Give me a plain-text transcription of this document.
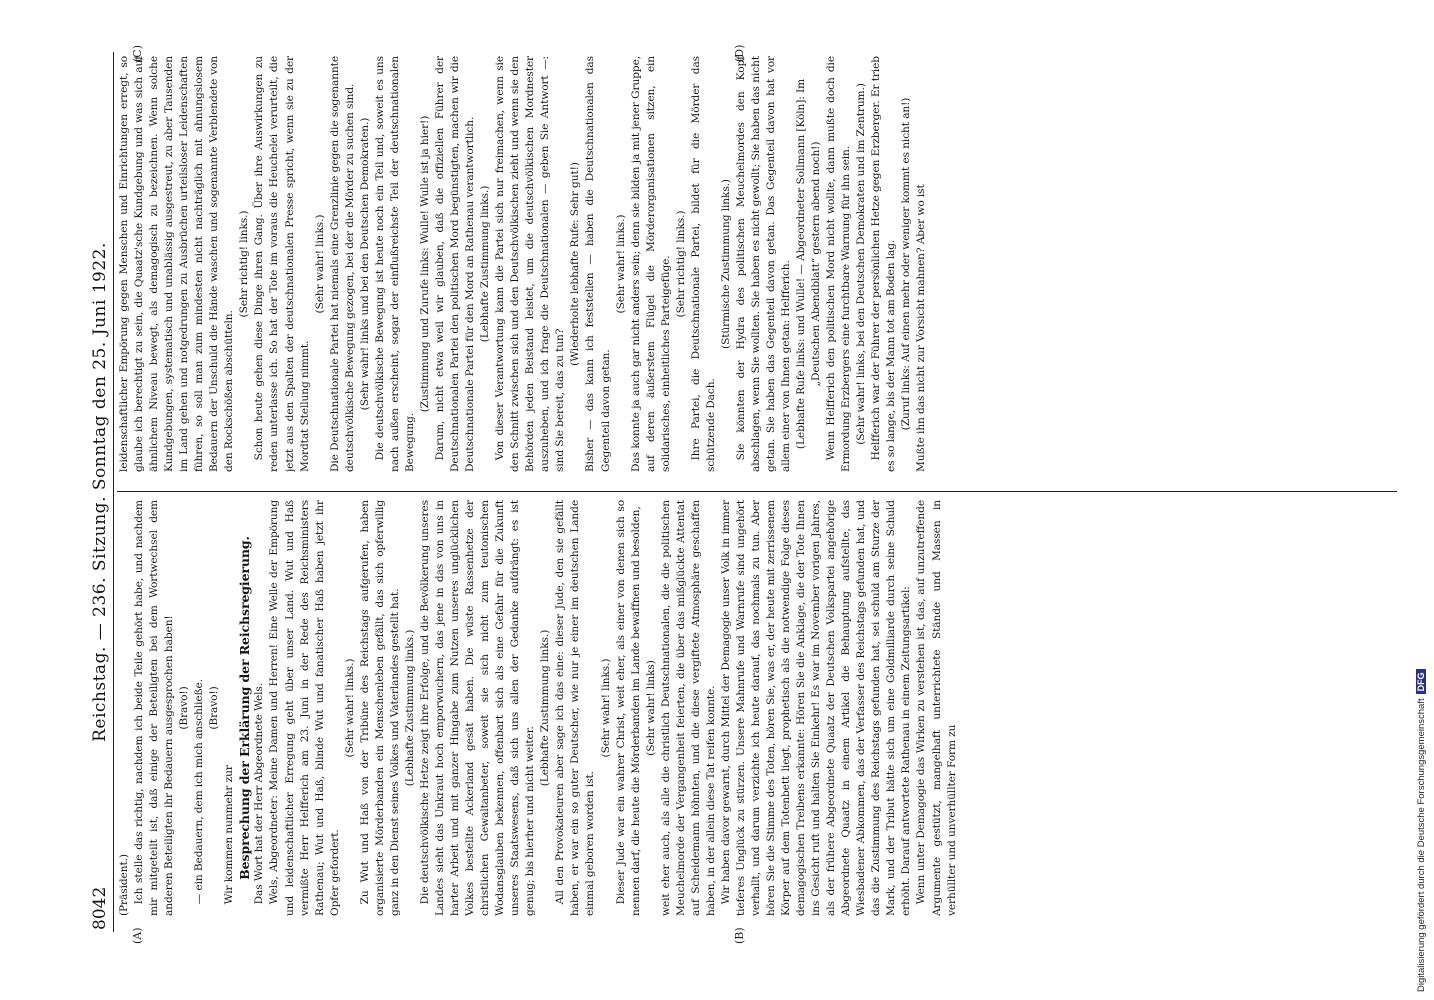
8042
Reichstag. — 236. Sitzung. Sonntag den 25. Juni 1922.
(A)	(B)
(C)	(D)

(Präsident.) Ich stelle das richtig, nachdem ich beide Teile gehört habe, und nachdem mir mitgeteilt ist, daß einige der Beteiligten bei dem Wortwechsel dem anderen Beteiligten ihr Bedauern ausgesprochen haben! (Bravo!) — ein Bedauern, dem ich mich anschließe. (Bravo!)

Wir kommen nunmehr zur Besprechung der Erklärung der Reichsregierung. Das Wort hat der Herr Abgeordnete Wels. Wels, Abgeordneter: Meine Damen und Herren! Eine Welle der Empörung und leidenschaftlicher Erregung geht über unser Land. Wut und Haß vermißte Herr Helfferich am 23. Juni in der Rede des Reichsministers Rathenau; Wut und Haß, blinde Wut und fanatischer Haß haben jetzt ihr Opfer gefordert.

(Sehr wahr! links.) Zu Wut und Haß von der Tribüne des Reichstags aufgerufen, haben organisierte Mörderbanden ein Menschenleben gefällt, das sich opferwillig ganz in den Dienst seines Volkes und Vaterlandes gestellt hat. (Lebhafte Zustimmung links.) Die deutschvölkische Hetze zeigt ihre Erfolge, und die Bevölkerung unseres Landes sieht das Unkraut hoch emporwuchern, das jene in das von uns in harter Arbeit und mit ganzer Hingabe zum Nutzen unseres unglücklichen Volkes bestellte Ackerland gesät haben. Die wüste Rassenhetze der christlichen Gewaltanbeter, soweit sie sich nicht zum teutonischen Wodansglauben bekennen, offenbart sich als eine Gefahr für die Zukunft unseres Staatswesens, daß sich uns allen der Gedanke aufdrängt: es ist genug; bis hierher und nicht weiter.

(Lebhafte Zustimmung links.) All den Provokateuren aber sage ich das eine: dieser Jude, den sie gefällt haben, er war ein so guter Deutscher, wie nur je einer im deutschen Lande einmal geboren worden ist.

(Sehr wahr! links.) Dieser Jude war ein wahrer Christ, weit eher, als einer von denen sich so nennen darf, die heute die Mörderbanden im Lande bewaffnen und besolden, (Sehr wahr! links) weit eher auch, als alle die christlich Deutschnationalen, die die politischen Meuchelmorde der Vergangenheit feierten, die über das mißglückte Attentat auf Scheidemann höhnten, und die diese vergiftete Atmosphäre geschaffen haben, in der allein diese Tat reifen konnte. Wir haben davor gewarnt, durch Mittel der Demagogie unser Volk in immer tieferes Unglück zu stürzen. Unsere Mahnrufe und Warnrufe sind ungehört verhallt, und darum verzichte ich heute darauf, das nochmals zu tun. Aber hören Sie die Stimme des Toten, hören Sie, was er, der heute mit zerrissenem Körper auf dem Totenbett liegt, prophetisch als die notwendige Folge dieses demagogischen Treibens erkannte: Hören Sie die Anklage, die der Tote Ihnen ins Gesicht ruft und halten Sie Einkehr! Es war im November vorigen Jahres, als der frühere Abgeordnete Quaatz der Deutschen Volkspartei angehörige Abgeordnete Quaatz in einem Artikel die Behauptung aufstellte, das Wiesbadener Abkommen, das der Verfasser des Reichstags gefunden hat, und das die Zustimmung des Reichstags gefunden hat, sei schuld am Sturze der Mark, und der Tribut hätte sich um eine Goldmilliarde durch seine Schuld erhöht. Darauf antwortete Rathenau in einem Zeitungsartikel: Wenn unter Demagogie das Wirken zu verstehen ist, das, auf unzutreffende Argumente gestützt, mangelhaft unterrichtete Stände und Massen in verhüllter und unverhüllter Form zu

leidenschaftlicher Empörung gegen Menschen und Einrichtungen erregt, so glaube ich berechtigt zu sein, die Quaatz'sche Kundgebung und was sich auf ähnlichem Niveau bewegt, als demagogisch zu bezeichnen. Wenn solche Kundgebungen, systematisch und unablässig ausgestreut, zu aber Tausenden im Land gehen und notgedrungen zu Ausbrüchen urteilsloser Leidenschaften führen, so soll man zum mindesten nicht nachträglich mit ahnungslosem Bedauern der Unschuld die Hände waschen und sogenannte Verblendete von den Rockschößen abschütteln.

(Sehr richtig! links.) Schon heute gehen diese Dinge ihren Gang. Über ihre Auswirkungen zu reden unterlasse ich. So hat der Tote im voraus die Heuchelei verurteilt, die jetzt aus den Spalten der deutschnationalen Presse spricht, wenn sie zu der Mordtat Stellung nimmt.

(Sehr wahr! links.) Die Deutschnationale Partei hat niemals eine Grenzlinie gegen die sogenannte deutschvölkische Bewegung gezogen, bei der die Mörder zu suchen sind. (Sehr wahr! links und bei den Deutschen Demokraten.) Die deutschvölkische Bewegung ist heute noch ein Teil und, soweit es uns nach außen erscheint, sogar der einflußreichste Teil der deutschnationalen Bewegung.

(Zustimmung und Zurufe links: Wulle! Wulle ist ja hier!) Darum, nicht etwa weil wir glauben, daß die offiziellen Führer der Deutschnationalen Partei den politischen Mord begünstigten, machen wir die Deutschnationale Partei für den Mord an Rathenau verantwortlich. (Lebhafte Zustimmung links.) Von dieser Verantwortung kann die Partei sich nur freimachen, wenn sie den Schnitt zwischen sich und den Deutschvölkischen zieht und wenn sie den Behörden jeden Beistand leistet, um die deutschvölkischen Mordnester auszuheben, und ich frage die Deutschnationalen — geben Sie Antwort —: sind Sie bereit, das zu tun?

(Wiederholte lebhafte Rufe: Sehr gut!) Bisher — das kann ich feststellen — haben die Deutschnationalen das Gegenteil davon getan.

(Sehr wahr! links.) Das konnte ja auch gar nicht anders sein; denn sie bilden ja mit jener Gruppe, auf deren äußerstem Flügel die Mörderorganisationen sitzen, ein solidarisches, einheitliches Parteigefüge. (Sehr richtig! links.) Ihre Partei, die Deutschnationale Partei, bildet für die Mörder das schützende Dach.

(Stürmische Zustimmung links.) Sie könnten der Hydra des politischen Meuchelmordes den Kopf abschlagen, wenn Sie wollten. Sie haben es nicht gewollt; Sie haben das nicht getan. Sie haben das Gegenteil davon getan. Das Gegenteil davon hat vor allem einer von Ihnen getan: Helfferich. (Lebhafte Rufe links: und Wulle! — Abgeordneter Sollmann [Köln]: Im „Deutschen Abendblatt“ gestern abend noch!) Wenn Helfferich den politischen Mord nicht wollte, dann mußte doch die Ermordung Erzbergers eine furchtbare Warnung für ihn sein. (Sehr wahr! links, bei den Deutschen Demokraten und im Zentrum.) Helfferich war der Führer der persönlichen Hetze gegen Erzberger. Er trieb es so lange, bis der Mann tot am Boden lag. (Zuruf links: Auf einen mehr oder weniger kommt es nicht an!) Mußte ihn das nicht zur Vorsicht mahnen? Aber wo ist

Digitalisierung gefördert durch die Deutsche ForschungsgemeinschaftDFG
